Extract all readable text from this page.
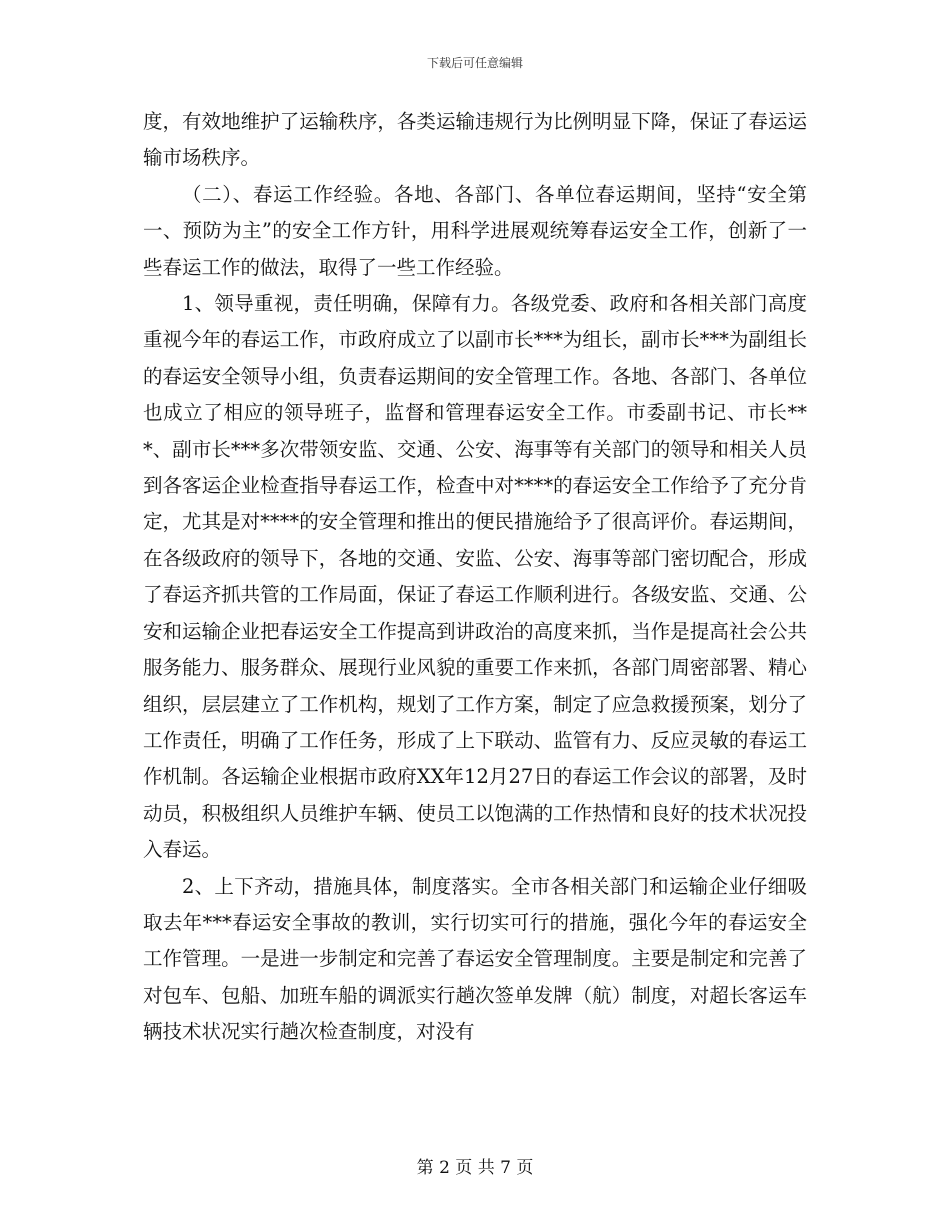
下载后可任意编辑

度，有效地维护了运输秩序，各类运输违规行为比例明显下降，保证了春运运输市场秩序。

（二）、春运工作经验。各地、各部门、各单位春运期间，坚持“安全第一、预防为主”的安全工作方针，用科学进展观统筹春运安全工作，创新了一些春运工作的做法，取得了一些工作经验。

1、领导重视，责任明确，保障有力。各级党委、政府和各相关部门高度重视今年的春运工作，市政府成立了以副市长***为组长，副市长***为副组长的春运安全领导小组，负责春运期间的安全管理工作。各地、各部门、各单位也成立了相应的领导班子，监督和管理春运安全工作。市委副书记、市长***、副市长***多次带领安监、交通、公安、海事等有关部门的领导和相关人员到各客运企业检查指导春运工作，检查中对****的春运安全工作给予了充分肯定，尤其是对****的安全管理和推出的便民措施给予了很高评价。春运期间，在各级政府的领导下，各地的交通、安监、公安、海事等部门密切配合，形成了春运齐抓共管的工作局面，保证了春运工作顺利进行。各级安监、交通、公安和运输企业把春运安全工作提高到讲政治的高度来抓，当作是提高社会公共服务能力、服务群众、展现行业风貌的重要工作来抓，各部门周密部署、精心组织，层层建立了工作机构，规划了工作方案，制定了应急救援预案，划分了工作责任，明确了工作任务，形成了上下联动、监管有力、反应灵敏的春运工作机制。各运输企业根据市政府XX年12月27日的春运工作会议的部署，及时动员，积极组织人员维护车辆、使员工以饱满的工作热情和良好的技术状况投入春运。

2、上下齐动，措施具体，制度落实。全市各相关部门和运输企业仔细吸取去年***春运安全事故的教训，实行切实可行的措施，强化今年的春运安全工作管理。一是进一步制定和完善了春运安全管理制度。主要是制定和完善了对包车、包船、加班车船的调派实行趟次签单发牌（航）制度，对超长客运车辆技术状况实行趟次检查制度，对没有

第 2 页 共 7 页
